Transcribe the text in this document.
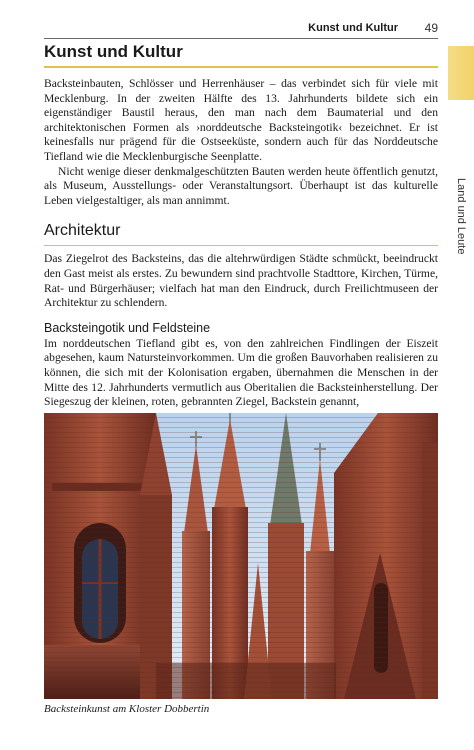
Kunst und Kultur 49
Land und Leute
Kunst und Kultur

Backsteinbauten, Schlösser und Herrenhäuser – das verbindet sich für viele mit Mecklenburg. In der zweiten Hälfte des 13. Jahrhunderts bildete sich ein eigenständiger Baustil heraus, den man nach dem Baumaterial und den architektonischen Formen als ›norddeutsche Backsteingotik‹ bezeichnet. Er ist keinesfalls nur prägend für die Ostseeküste, sondern auch für das Norddeutsche Tiefland wie die Mecklenburgische Seenplatte.

Nicht wenige dieser denkmalgeschützten Bauten werden heute öffentlich genutzt, als Museum, Ausstellungs- oder Veranstaltungsort. Überhaupt ist das kulturelle Leben vielgestaltiger, als man annimmt.

Architektur

Das Ziegelrot des Backsteins, das die altehrwürdigen Städte schmückt, beeindruckt den Gast meist als erstes. Zu bewundern sind prachtvolle Stadttore, Kirchen, Türme, Rat- und Bürgerhäuser; vielfach hat man den Eindruck, durch Freilichtmuseen der Architektur zu schlendern.

Backsteingotik und Feldsteine

Im norddeutschen Tiefland gibt es, von den zahlreichen Findlingen der Eiszeit abgesehen, kaum Natursteinvorkommen. Um die großen Bauvorhaben realisieren zu können, die sich mit der Kolonisation ergaben, übernahmen die Menschen in der Mitte des 12. Jahrhunderts vermutlich aus Oberitalien die Backsteinherstellung. Der Siegeszug der kleinen, roten, gebrannten Ziegel, Backstein genannt,

Backsteinkunst am Kloster Dobbertin
